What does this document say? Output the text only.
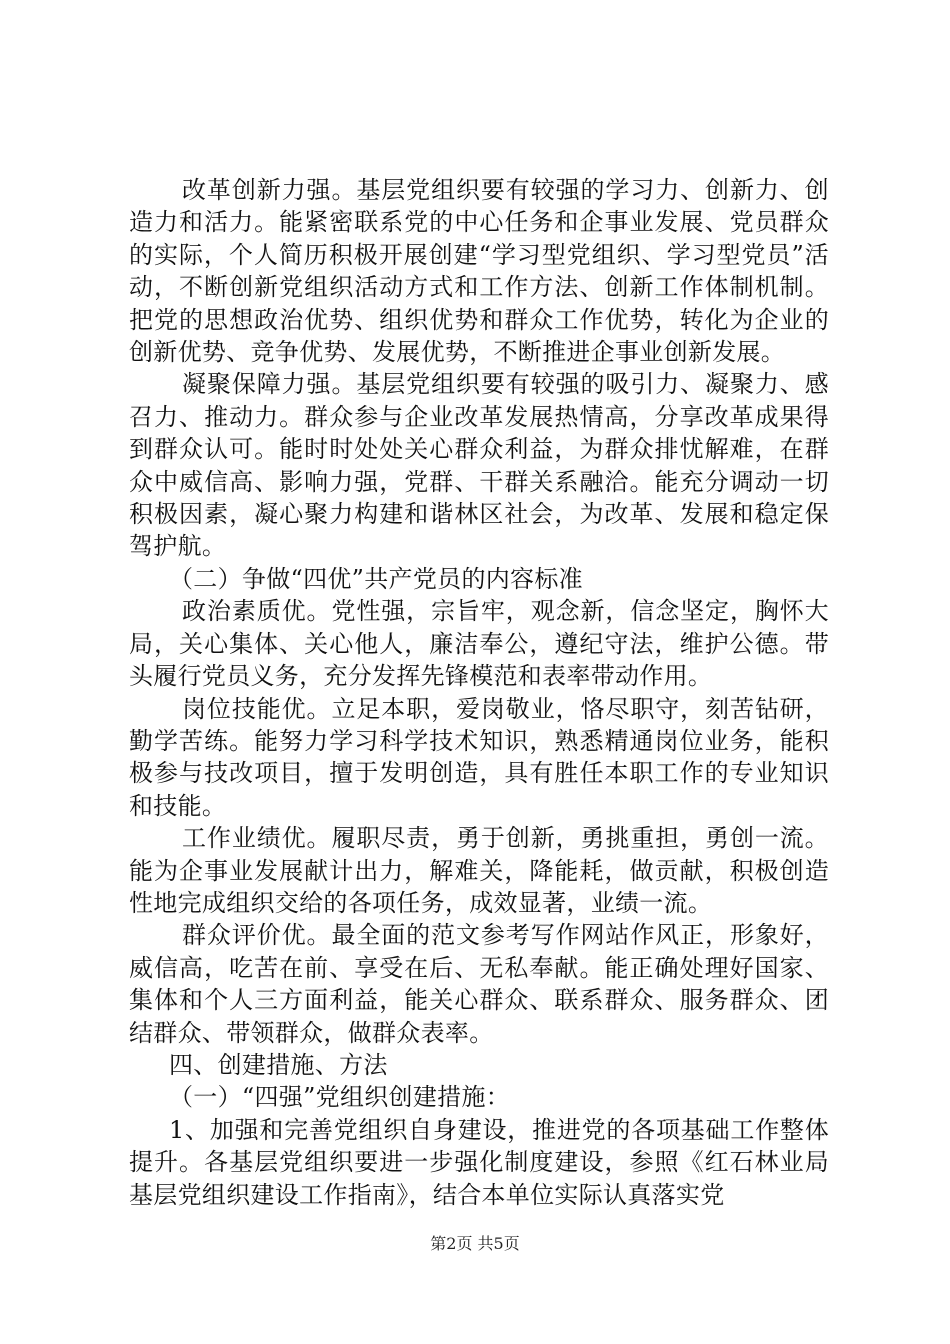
改革创新力强。基层党组织要有较强的学习力、创新力、创造力和活力。能紧密联系党的中心任务和企事业发展、党员群众的实际，个人简历积极开展创建“学习型党组织、学习型党员”活动，不断创新党组织活动方式和工作方法、创新工作体制机制。把党的思想政治优势、组织优势和群众工作优势，转化为企业的创新优势、竞争优势、发展优势，不断推进企事业创新发展。

凝聚保障力强。基层党组织要有较强的吸引力、凝聚力、感召力、推动力。群众参与企业改革发展热情高，分享改革成果得到群众认可。能时时处处关心群众利益，为群众排忧解难，在群众中威信高、影响力强，党群、干群关系融洽。能充分调动一切积极因素，凝心聚力构建和谐林区社会，为改革、发展和稳定保驾护航。

（二）争做“四优”共产党员的内容标准

政治素质优。党性强，宗旨牢，观念新，信念坚定，胸怀大局，关心集体、关心他人，廉洁奉公，遵纪守法，维护公德。带头履行党员义务，充分发挥先锋模范和表率带动作用。

岗位技能优。立足本职，爱岗敬业，恪尽职守，刻苦钻研，勤学苦练。能努力学习科学技术知识，熟悉精通岗位业务，能积极参与技改项目，擅于发明创造，具有胜任本职工作的专业知识和技能。

工作业绩优。履职尽责，勇于创新，勇挑重担，勇创一流。能为企事业发展献计出力，解难关，降能耗，做贡献，积极创造性地完成组织交给的各项任务，成效显著，业绩一流。

群众评价优。最全面的范文参考写作网站作风正，形象好，威信高，吃苦在前、享受在后、无私奉献。能正确处理好国家、集体和个人三方面利益，能关心群众、联系群众、服务群众、团结群众、带领群众，做群众表率。

四、创建措施、方法

（一）“四强”党组织创建措施：

1、加强和完善党组织自身建设，推进党的各项基础工作整体提升。各基层党组织要进一步强化制度建设，参照《红石林业局基层党组织建设工作指南》，结合本单位实际认真落实党

第2页 共5页
